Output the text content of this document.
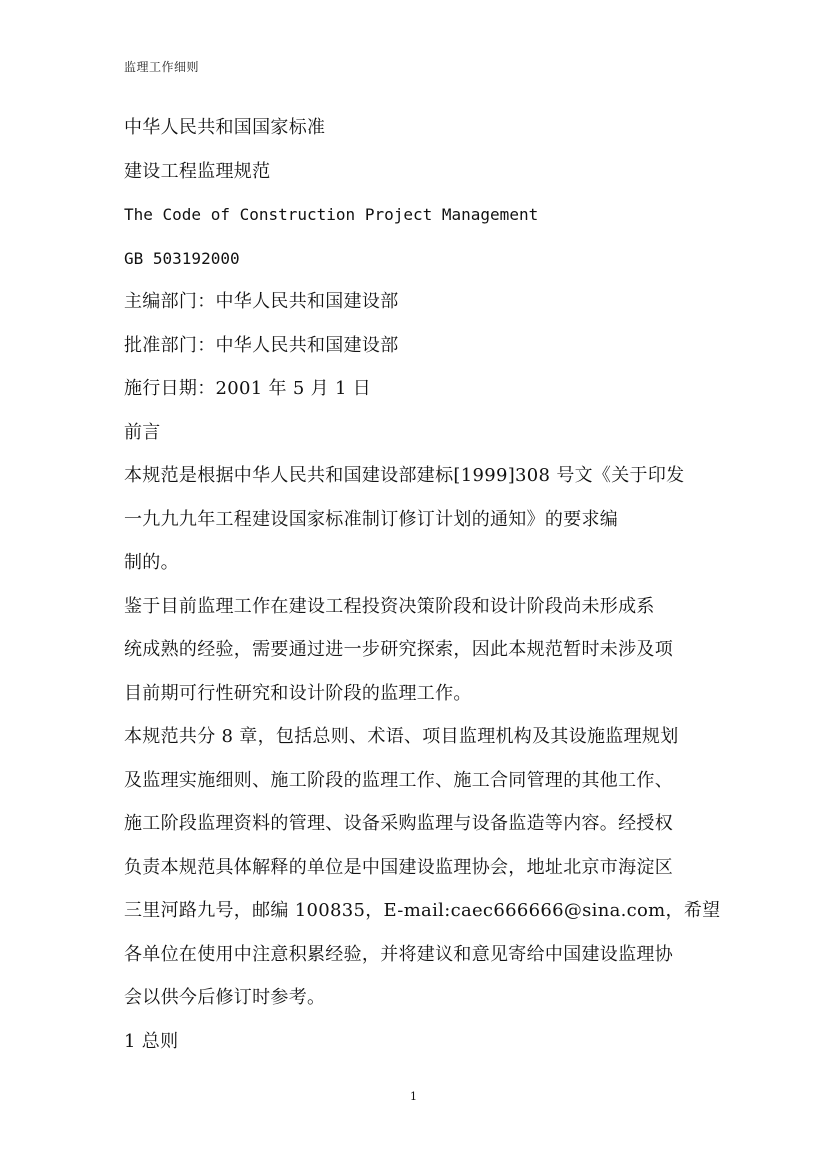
监理工作细则
中华人民共和国国家标准
建设工程监理规范
The Code of Construction Project Management
GB 503192000
主编部门：中华人民共和国建设部
批准部门：中华人民共和国建设部
施行日期：2001 年 5 月 1 日
前言
本规范是根据中华人民共和国建设部建标[1999]308 号文《关于印发
一九九九年工程建设国家标准制订修订计划的通知》的要求编
制的。
鉴于目前监理工作在建设工程投资决策阶段和设计阶段尚未形成系
统成熟的经验，需要通过进一步研究探索，因此本规范暂时未涉及项
目前期可行性研究和设计阶段的监理工作。
本规范共分 8 章，包括总则、术语、项目监理机构及其设施监理规划
及监理实施细则、施工阶段的监理工作、施工合同管理的其他工作、
施工阶段监理资料的管理、设备采购监理与设备监造等内容。经授权
负责本规范具体解释的单位是中国建设监理协会，地址北京市海淀区
三里河路九号，邮编 100835，E-mail:caec666666@sina.com，希望
各单位在使用中注意积累经验，并将建议和意见寄给中国建设监理协
会以供今后修订时参考。
1 总则
1
